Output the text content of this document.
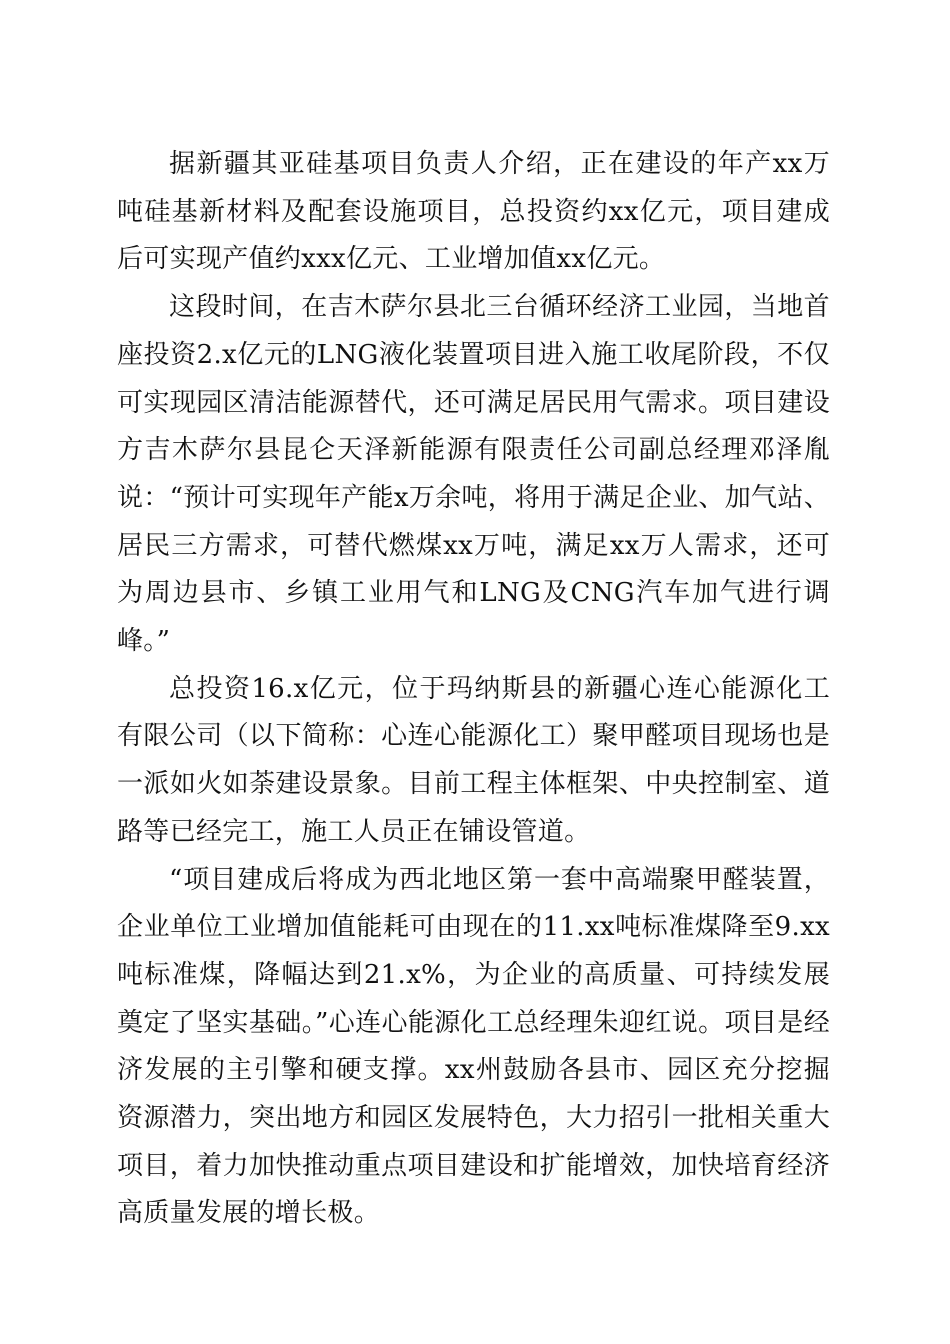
据新疆其亚硅基项目负责人介绍，正在建设的年产xx万吨硅基新材料及配套设施项目，总投资约xx亿元，项目建成后可实现产值约xxx亿元、工业增加值xx亿元。

这段时间，在吉木萨尔县北三台循环经济工业园，当地首座投资2.x亿元的LNG液化装置项目进入施工收尾阶段，不仅可实现园区清洁能源替代，还可满足居民用气需求。项目建设方吉木萨尔县昆仑天泽新能源有限责任公司副总经理邓泽胤说：“预计可实现年产能x万余吨，将用于满足企业、加气站、居民三方需求，可替代燃煤xx万吨，满足xx万人需求，还可为周边县市、乡镇工业用气和LNG及CNG汽车加气进行调峰。”

总投资16.x亿元，位于玛纳斯县的新疆心连心能源化工有限公司（以下简称：心连心能源化工）聚甲醛项目现场也是一派如火如荼建设景象。目前工程主体框架、中央控制室、道路等已经完工，施工人员正在铺设管道。

“项目建成后将成为西北地区第一套中高端聚甲醛装置，企业单位工业增加值能耗可由现在的11.xx吨标准煤降至9.xx吨标准煤，降幅达到21.x%，为企业的高质量、可持续发展奠定了坚实基础。”心连心能源化工总经理朱迎红说。项目是经济发展的主引擎和硬支撑。xx州鼓励各县市、园区充分挖掘资源潜力，突出地方和园区发展特色，大力招引一批相关重大项目，着力加快推动重点项目建设和扩能增效，加快培育经济高质量发展的增长极。
